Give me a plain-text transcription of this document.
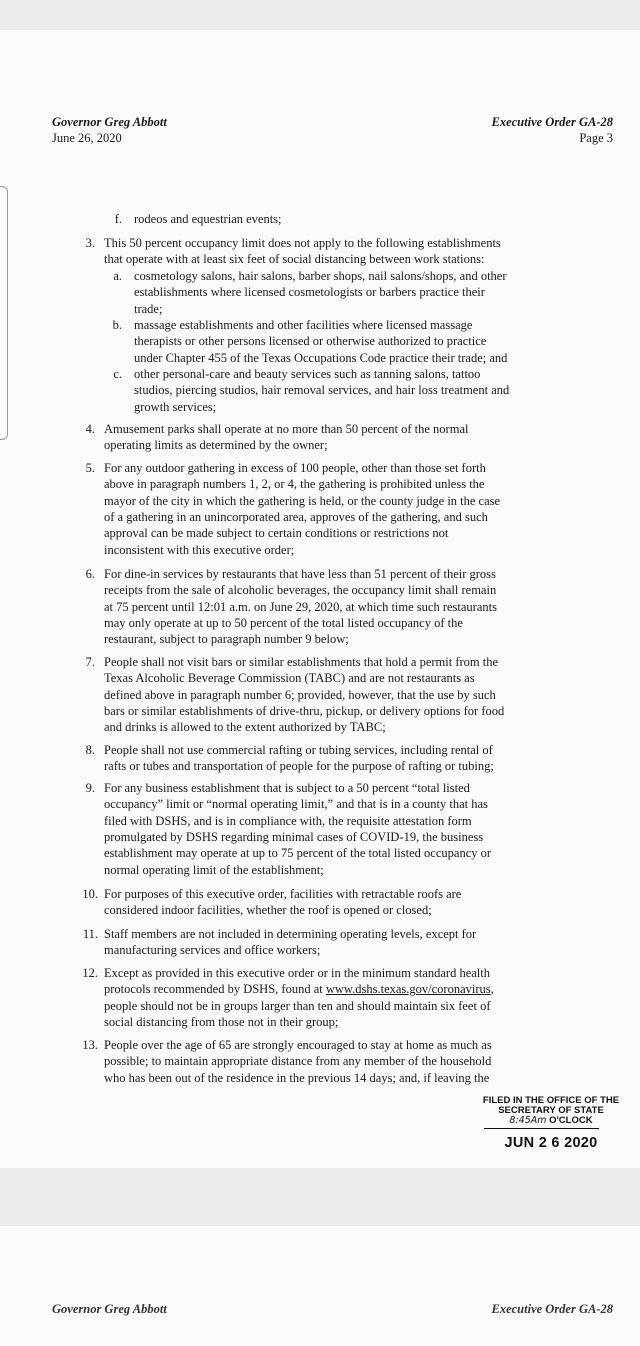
Governor Greg Abbott
June 26, 2020
Executive Order GA-28
Page 3
f. rodeos and equestrian events;
3. This 50 percent occupancy limit does not apply to the following establishments
that operate with at least six feet of social distancing between work stations:
a. cosmetology salons, hair salons, barber shops, nail salons/shops, and other
establishments where licensed cosmetologists or barbers practice their
trade;
b. massage establishments and other facilities where licensed massage
therapists or other persons licensed or otherwise authorized to practice
under Chapter 455 of the Texas Occupations Code practice their trade; and
c. other personal-care and beauty services such as tanning salons, tattoo
studios, piercing studios, hair removal services, and hair loss treatment and
growth services;
4. Amusement parks shall operate at no more than 50 percent of the normal
operating limits as determined by the owner;
5. For any outdoor gathering in excess of 100 people, other than those set forth
above in paragraph numbers 1, 2, or 4, the gathering is prohibited unless the
mayor of the city in which the gathering is held, or the county judge in the case
of a gathering in an unincorporated area, approves of the gathering, and such
approval can be made subject to certain conditions or restrictions not
inconsistent with this executive order;
6. For dine-in services by restaurants that have less than 51 percent of their gross
receipts from the sale of alcoholic beverages, the occupancy limit shall remain
at 75 percent until 12:01 a.m. on June 29, 2020, at which time such restaurants
may only operate at up to 50 percent of the total listed occupancy of the
restaurant, subject to paragraph number 9 below;
7. People shall not visit bars or similar establishments that hold a permit from the
Texas Alcoholic Beverage Commission (TABC) and are not restaurants as
defined above in paragraph number 6; provided, however, that the use by such
bars or similar establishments of drive-thru, pickup, or delivery options for food
and drinks is allowed to the extent authorized by TABC;
8. People shall not use commercial rafting or tubing services, including rental of
rafts or tubes and transportation of people for the purpose of rafting or tubing;
9. For any business establishment that is subject to a 50 percent “total listed
occupancy” limit or “normal operating limit,” and that is in a county that has
filed with DSHS, and is in compliance with, the requisite attestation form
promulgated by DSHS regarding minimal cases of COVID-19, the business
establishment may operate at up to 75 percent of the total listed occupancy or
normal operating limit of the establishment;
10. For purposes of this executive order, facilities with retractable roofs are
considered indoor facilities, whether the roof is opened or closed;
11. Staff members are not included in determining operating levels, except for
manufacturing services and office workers;
12. Except as provided in this executive order or in the minimum standard health
protocols recommended by DSHS, found at www.dshs.texas.gov/coronavirus,
people should not be in groups larger than ten and should maintain six feet of
social distancing from those not in their group;
13. People over the age of 65 are strongly encouraged to stay at home as much as
possible; to maintain appropriate distance from any member of the household
who has been out of the residence in the previous 14 days; and, if leaving the
FILED IN THE OFFICE OF THE
SECRETARY OF STATE
8:45Am O'CLOCK
JUN 2 6 2020
Governor Greg Abbott	Executive Order GA-28
